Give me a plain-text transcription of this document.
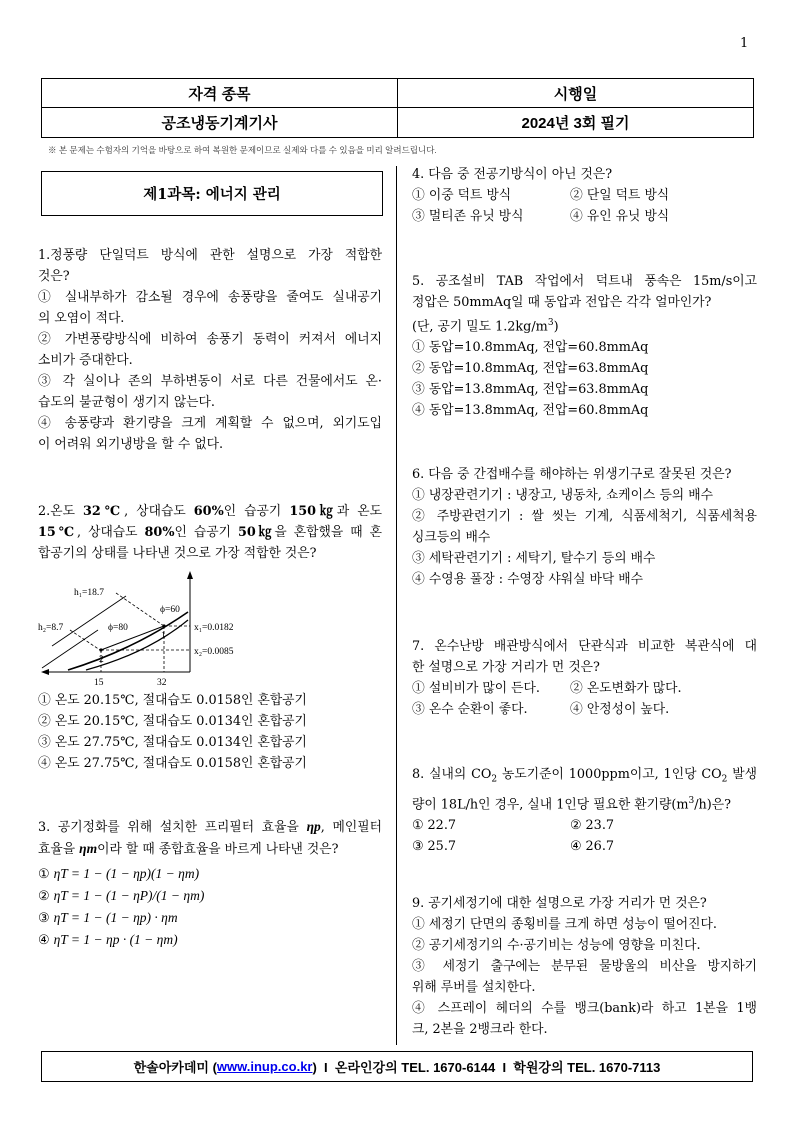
1
자격 종목	시행일
공조냉동기계기사	2024년 3회 필기
※ 본 문제는 수험자의 기억을 바탕으로 하여 복원한 문제이므로 실제와 다를 수 있음을 미리 알려드립니다.
제1과목: 에너지 관리

1.정풍량 단일덕트 방식에 관한 설명으로 가장 적합한

것은?

① 실내부하가 감소될 경우에 송풍량을 줄여도 실내공기

의 오염이 적다.

② 가변풍량방식에 비하여 송풍기 동력이 커져서 에너지

소비가 증대한다.

③ 각 실이나 존의 부하변동이 서로 다른 건물에서도 온·

습도의 불균형이 생기지 않는다.

④ 송풍량과 환기량을 크게 계획할 수 없으며, 외기도입

이 어려워 외기냉방을 할 수 없다.

2.온도 32℃, 상대습도 60%인 습공기 150㎏과 온도

15℃, 상대습도 80%인 습공기 50㎏을 혼합했을 때 혼

합공기의 상태를 나타낸 것으로 가장 적합한 것은?

h₁=18.7
h₂=8.7
ϕ=60
ϕ=80	x₁=0.0182
x₂=0.0085
1
2
15	32

① 온도 20.15℃, 절대습도 0.0158인 혼합공기

② 온도 20.15℃, 절대습도 0.0134인 혼합공기

③ 온도 27.75℃, 절대습도 0.0134인 혼합공기

④ 온도 27.75℃, 절대습도 0.0158인 혼합공기

3. 공기정화를 위해 설치한 프리필터 효율을 ηp, 메인필터

효율을 ηm이라 할 때 종합효율을 바르게 나타낸 것은?

① ηT = 1 − (1 − ηp)(1 − ηm)

② ηT = 1 − (1 − ηP)/(1 − ηm)

③ ηT = 1 − (1 − ηp) · ηm

④ ηT = 1 − ηp · (1 − ηm)

4. 다음 중 전공기방식이 아닌 것은?

① 이중 덕트 방식	② 단일 덕트 방식
③ 멀티존 유닛 방식	④ 유인 유닛 방식

5. 공조설비 TAB 작업에서 덕트내 풍속은 15m/s이고

정압은 50mmAq일 때 동압과 전압은 각각 얼마인가?

(단, 공기 밀도 $1.2kg/m^3$)

① 동압=10.8mmAq, 전압=60.8mmAq

② 동압=10.8mmAq, 전압=63.8mmAq

③ 동압=13.8mmAq, 전압=63.8mmAq

④ 동압=13.8mmAq, 전압=60.8mmAq

6. 다음 중 간접배수를 해야하는 위생기구로 잘못된 것은?

① 냉장관련기기 : 냉장고, 냉동차, 쇼케이스 등의 배수

② 주방관련기기 : 쌀 씻는 기계, 식품세척기, 식품세척용

싱크등의 배수

③ 세탁관련기기 : 세탁기, 탈수기 등의 배수

④ 수영용 풀장 : 수영장 샤워실 바닥 배수

7. 온수난방 배관방식에서 단관식과 비교한 복관식에 대

한 설명으로 가장 거리가 먼 것은?

① 설비비가 많이 든다.	② 온도변화가 많다.
③ 온수 순환이 좋다.	④ 안정성이 높다.

8. 실내의 $CO_2$ 농도기준이 1000ppm이고, 1인당 $CO_2$ 발생

량이 18L/h인 경우, 실내 1인당 필요한 환기량$(m^3/h)$은?

① 22.7	② 23.7
③ 25.7	④ 26.7

9. 공기세정기에 대한 설명으로 가장 거리가 먼 것은?

① 세정기 단면의 종횡비를 크게 하면 성능이 떨어진다.

② 공기세정기의 수·공기비는 성능에 영향을 미친다.

③ 세정기 출구에는 분무된 물방울의 비산을 방지하기

위해 루버를 설치한다.

④ 스프레이 헤더의 수를 뱅크(bank)라 하고 1본을 1뱅

크, 2본을 2뱅크라 한다.

한솔아카데미 ( www.inup.co.kr )  I  온라인강의 TEL. 1670-6144  I  학원강의 TEL. 1670-7113
